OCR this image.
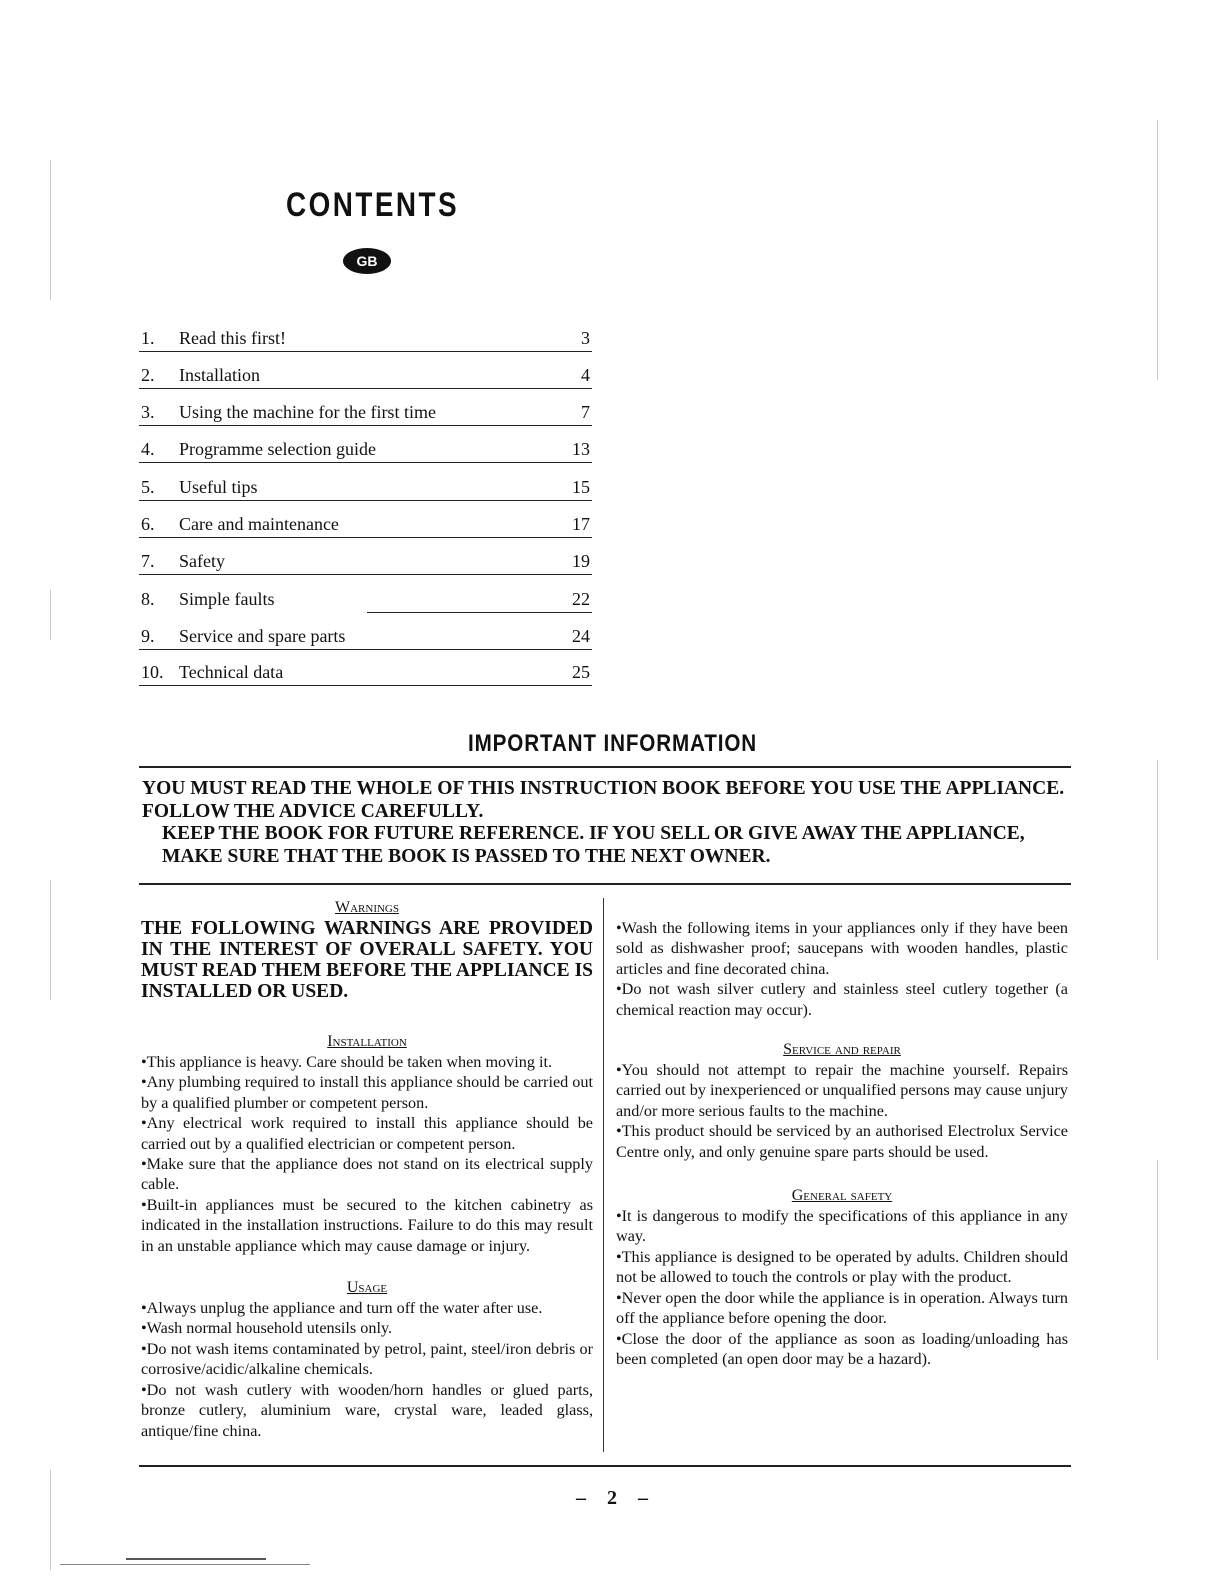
CONTENTS
GB
1. Read this first!	3
2. Installation	4
3. Using the machine for the first time	7
4. Programme selection guide	13
5. Useful tips	15
6. Care and maintenance	17
7. Safety	19
8. Simple faults	22
9. Service and spare parts	24
10. Technical data	25
IMPORTANT INFORMATION

YOU MUST READ THE WHOLE OF THIS INSTRUCTION BOOK BEFORE YOU USE THE APPLIANCE. FOLLOW THE ADVICE CAREFULLY.

KEEP THE BOOK FOR FUTURE REFERENCE. IF YOU SELL OR GIVE AWAY THE APPLIANCE, MAKE SURE THAT THE BOOK IS PASSED TO THE NEXT OWNER.

Warnings

THE FOLLOWING WARNINGS ARE PROVIDED IN THE INTEREST OF OVERALL SAFETY. YOU MUST READ THEM BEFORE THE APPLIANCE IS INSTALLED OR USED.

Installation

•This appliance is heavy. Care should be taken when moving it.

•Any plumbing required to install this appliance should be carried out by a qualified plumber or competent person.

•Any electrical work required to install this appliance should be carried out by a qualified electrician or competent person.

•Make sure that the appliance does not stand on its electrical supply cable.

•Built-in appliances must be secured to the kitchen cabinetry as indicated in the installation instructions. Failure to do this may result in an unstable appliance which may cause damage or injury.

Usage

•Always unplug the appliance and turn off the water after use.

•Wash normal household utensils only.

•Do not wash items contaminated by petrol, paint, steel/iron debris or corrosive/acidic/alkaline chemicals.

•Do not wash cutlery with wooden/horn handles or glued parts, bronze cutlery, aluminium ware, crystal ware, leaded glass, antique/fine china.

•Wash the following items in your appliances only if they have been sold as dishwasher proof; saucepans with wooden handles, plastic articles and fine decorated china.

•Do not wash silver cutlery and stainless steel cutlery together (a chemical reaction may occur).

Service and repair

•You should not attempt to repair the machine yourself. Repairs carried out by inexperienced or unqualified persons may cause unjury and/or more serious faults to the machine.

•This product should be serviced by an authorised Electrolux Service Centre only, and only genuine spare parts should be used.

General safety

•It is dangerous to modify the specifications of this appliance in any way.

•This appliance is designed to be operated by adults. Children should not be allowed to touch the controls or play with the product.

•Never open the door while the appliance is in operation. Always turn off the appliance before opening the door.

•Close the door of the appliance as soon as loading/unloading has been completed (an open door may be a hazard).

– 2 –
